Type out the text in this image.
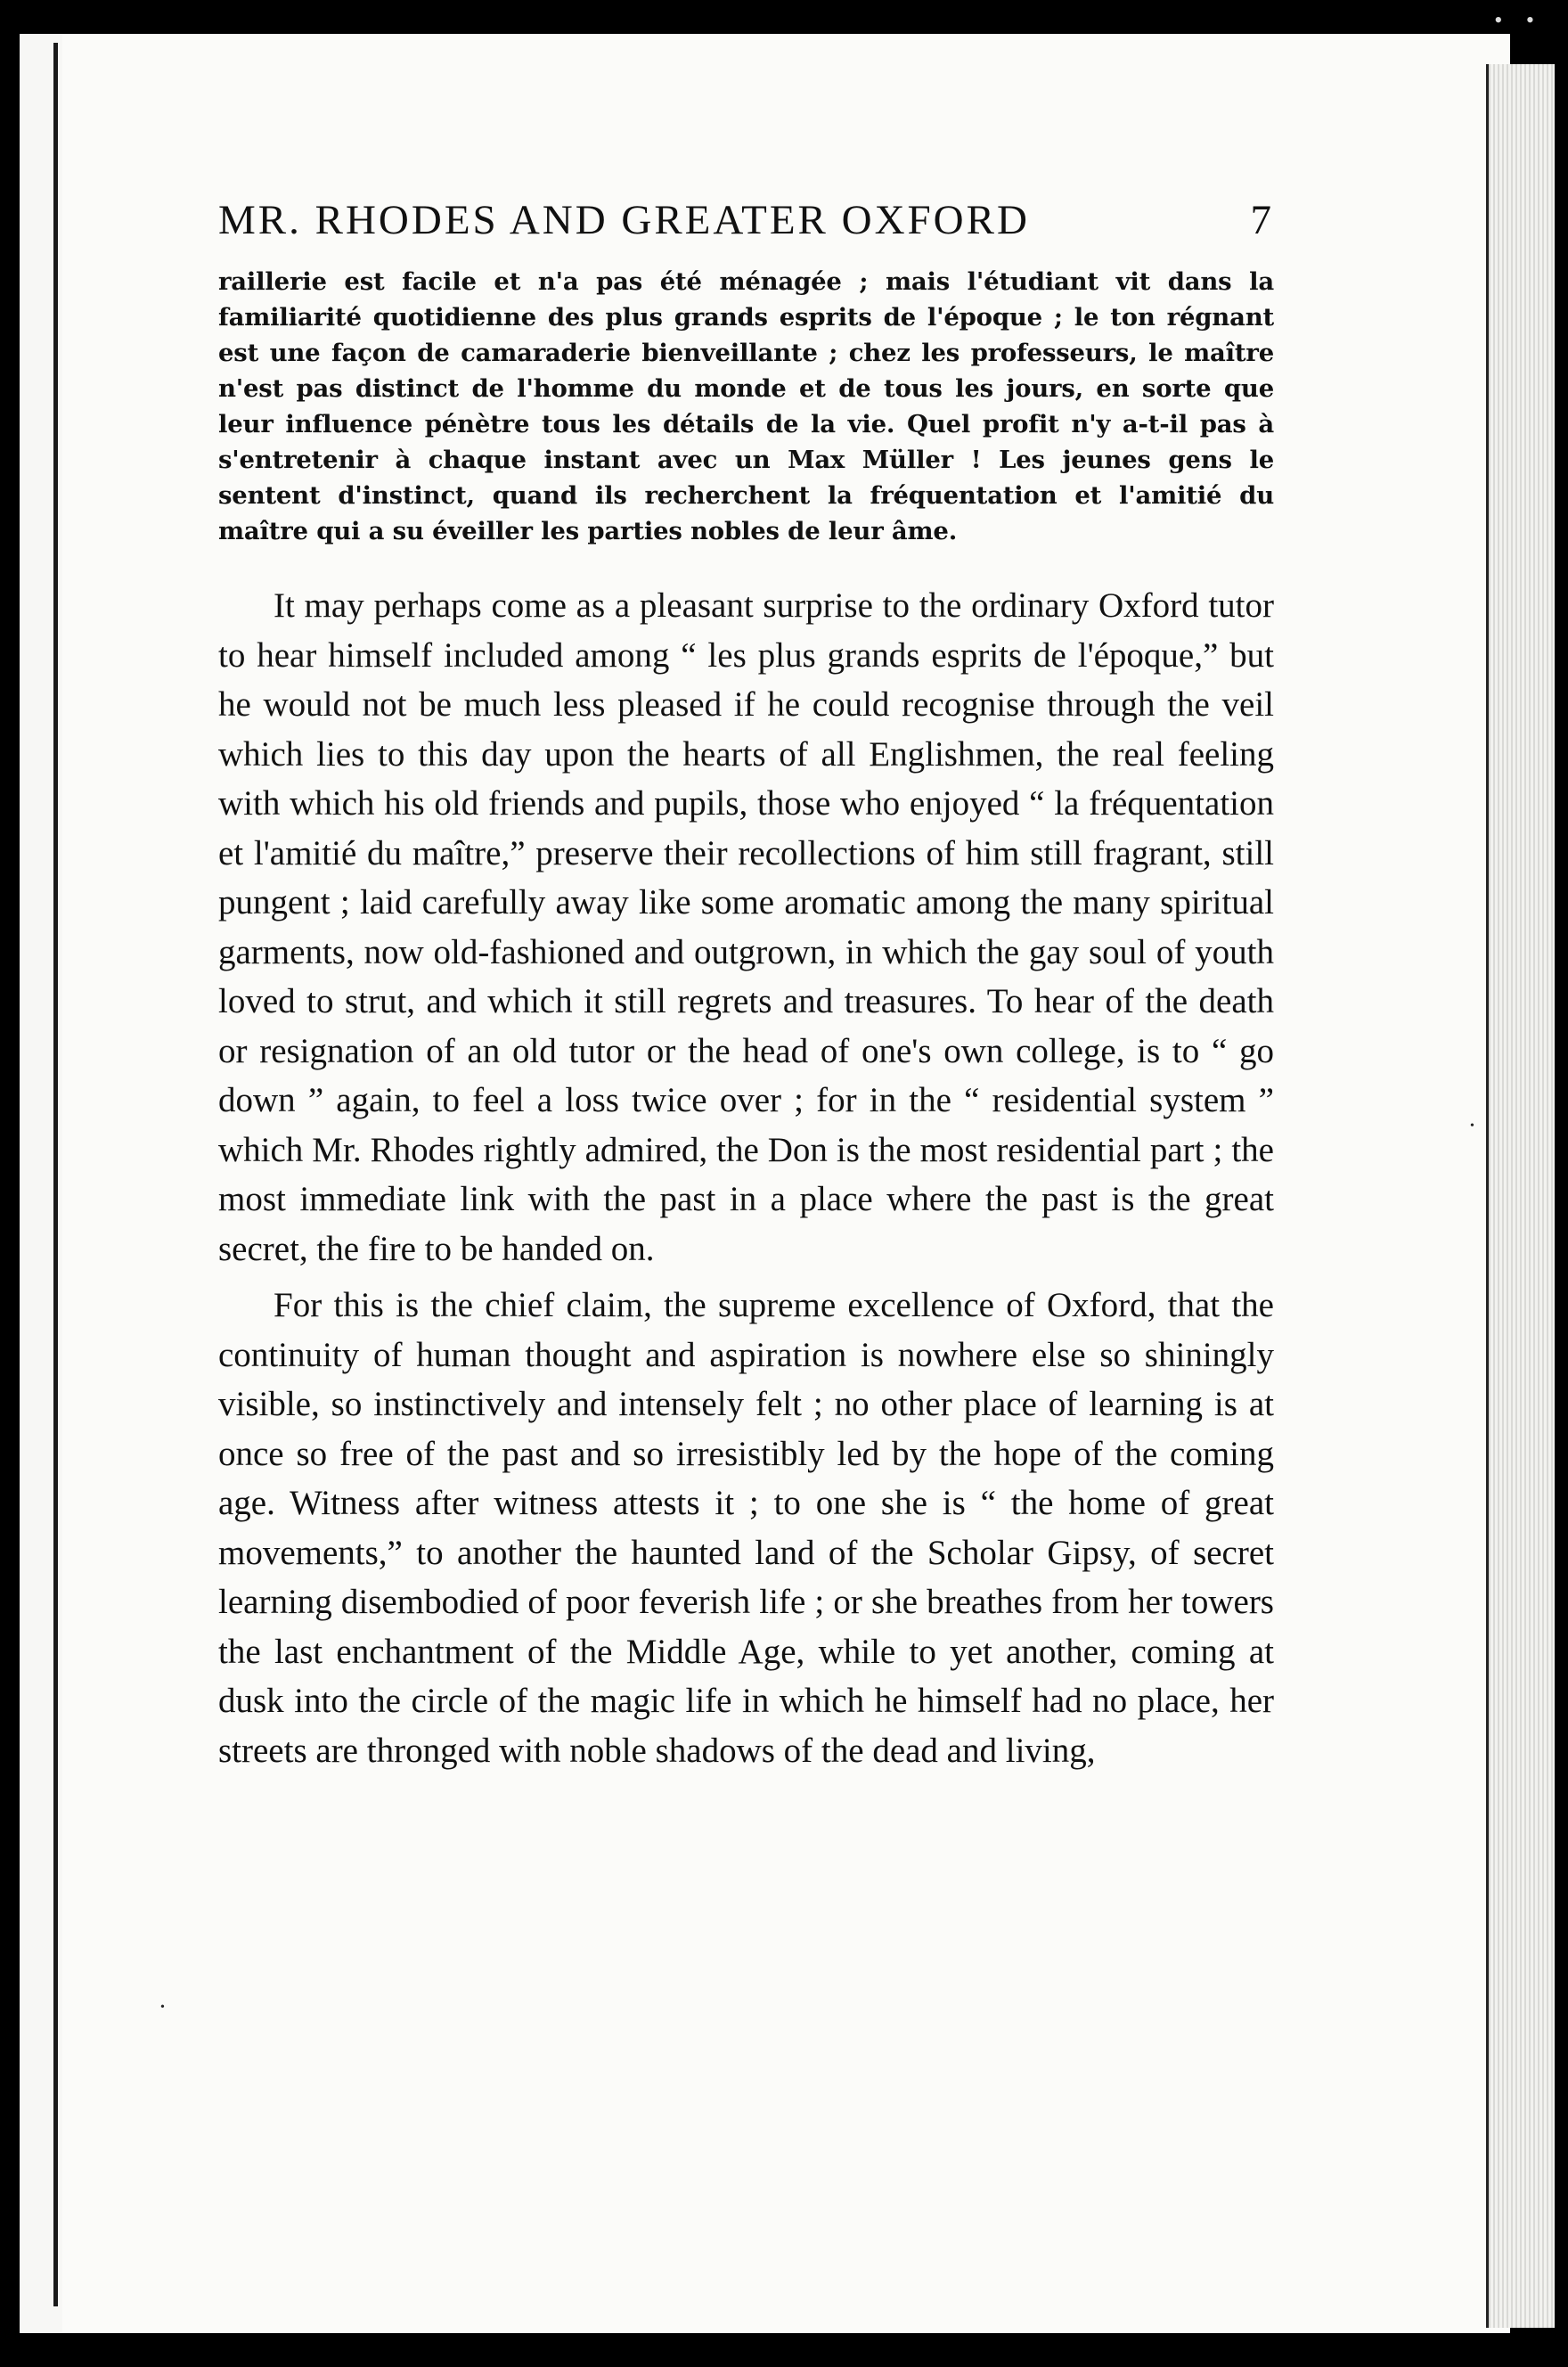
• •
•
•
MR. RHODES AND GREATER OXFORD	7

raillerie est facile et n'a pas été ménagée ; mais l'étudiant vit dans la familiarité quotidienne des plus grands esprits de l'époque ; le ton régnant est une façon de camaraderie bienveillante ; chez les professeurs, le maître n'est pas distinct de l'homme du monde et de tous les jours, en sorte que leur influence pénètre tous les détails de la vie. Quel profit n'y a-t-il pas à s'entretenir à chaque instant avec un Max Müller ! Les jeunes gens le sentent d'instinct, quand ils recherchent la fréquentation et l'amitié du maître qui a su éveiller les parties nobles de leur âme.

It may perhaps come as a pleasant surprise to the ordinary Oxford tutor to hear himself included among “ les plus grands esprits de l'époque,” but he would not be much less pleased if he could recognise through the veil which lies to this day upon the hearts of all Englishmen, the real feeling with which his old friends and pupils, those who enjoyed “ la fréquentation et l'amitié du maître,” preserve their recollections of him still fragrant, still pungent ; laid carefully away like some aromatic among the many spiritual garments, now old-fashioned and outgrown, in which the gay soul of youth loved to strut, and which it still regrets and treasures. To hear of the death or resignation of an old tutor or the head of one's own college, is to “ go down ” again, to feel a loss twice over ; for in the “ residential system ” which Mr. Rhodes rightly admired, the Don is the most residential part ; the most immediate link with the past in a place where the past is the great secret, the fire to be handed on.

For this is the chief claim, the supreme excellence of Oxford, that the continuity of human thought and aspiration is nowhere else so shiningly visible, so instinctively and intensely felt ; no other place of learning is at once so free of the past and so irresistibly led by the hope of the coming age. Witness after witness attests it ; to one she is “ the home of great movements,” to another the haunted land of the Scholar Gipsy, of secret learning disembodied of poor feverish life ; or she breathes from her towers the last enchantment of the Middle Age, while to yet another, coming at dusk into the circle of the magic life in which he himself had no place, her streets are thronged with noble shadows of the dead and living,
